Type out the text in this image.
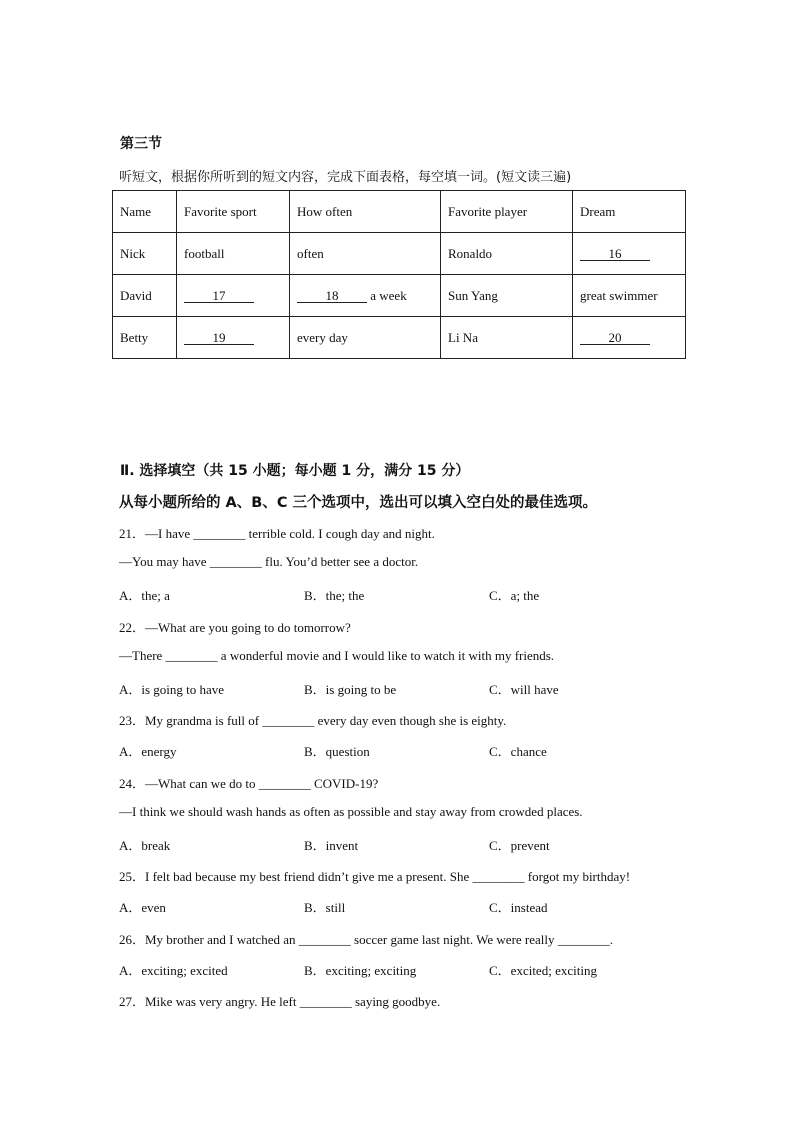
第三节
听短文，根据你所听到的短文内容，完成下面表格，每空填一词。(短文读三遍)
Name	Favorite sport	How often	Favorite player	Dream
Nick	football	often	Ronaldo	16
David	17	18 a week	Sun Yang	great swimmer
Betty	19	every day	Li Na	20
Ⅱ. 选择填空（共 15 小题；每小题 1 分，满分 15 分）
从每小题所给的 A、B、C 三个选项中，选出可以填入空白处的最佳选项。
21．—I have ________ terrible cold. I cough day and night.
—You may have ________ flu. You’d better see a doctor.
A．the; a	B．the; the	C．a; the
22．—What are you going to do tomorrow?
—There ________ a wonderful movie and I would like to watch it with my friends.
A．is going to have	B．is going to be	C．will have
23．My grandma is full of ________ every day even though she is eighty.
A．energy	B．question	C．chance
24．—What can we do to ________ COVID-19?
—I think we should wash hands as often as possible and stay away from crowded places.
A．break	B．invent	C．prevent
25．I felt bad because my best friend didn’t give me a present. She ________ forgot my birthday!
A．even	B．still	C．instead
26．My brother and I watched an ________ soccer game last night. We were really ________.
A．exciting; excited	B．exciting; exciting	C．excited; exciting
27．Mike was very angry. He left ________ saying goodbye.
